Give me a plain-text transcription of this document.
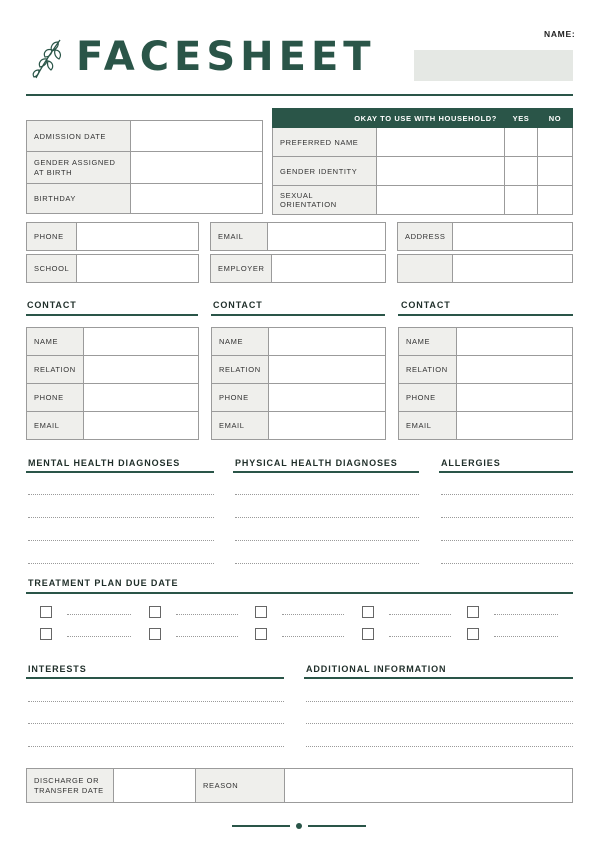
FACESHEET	NAME:
ADMISSION DATE	
GENDER ASSIGNED AT BIRTH	
BIRTHDAY	
OKAY TO USE WITH HOUSEHOLD?		YES	NO
PREFERRED NAME			
GENDER IDENTITY			
SEXUAL ORIENTATION			
PHONE		EMAIL		ADDRESS	
SCHOOL		EMPLOYER	

CONTACT	CONTACT	CONTACT
NAME	
RELATION	
PHONE	
EMAIL	
NAME	
RELATION	
PHONE	
EMAIL	
NAME	
RELATION	
PHONE	
EMAIL	
MENTAL HEALTH DIAGNOSES	PHYSICAL HEALTH DIAGNOSES	ALLERGIES
TREATMENT PLAN DUE DATE
INTERESTS	ADDITIONAL INFORMATION
DISCHARGE OR TRANSFER DATE		REASON	
